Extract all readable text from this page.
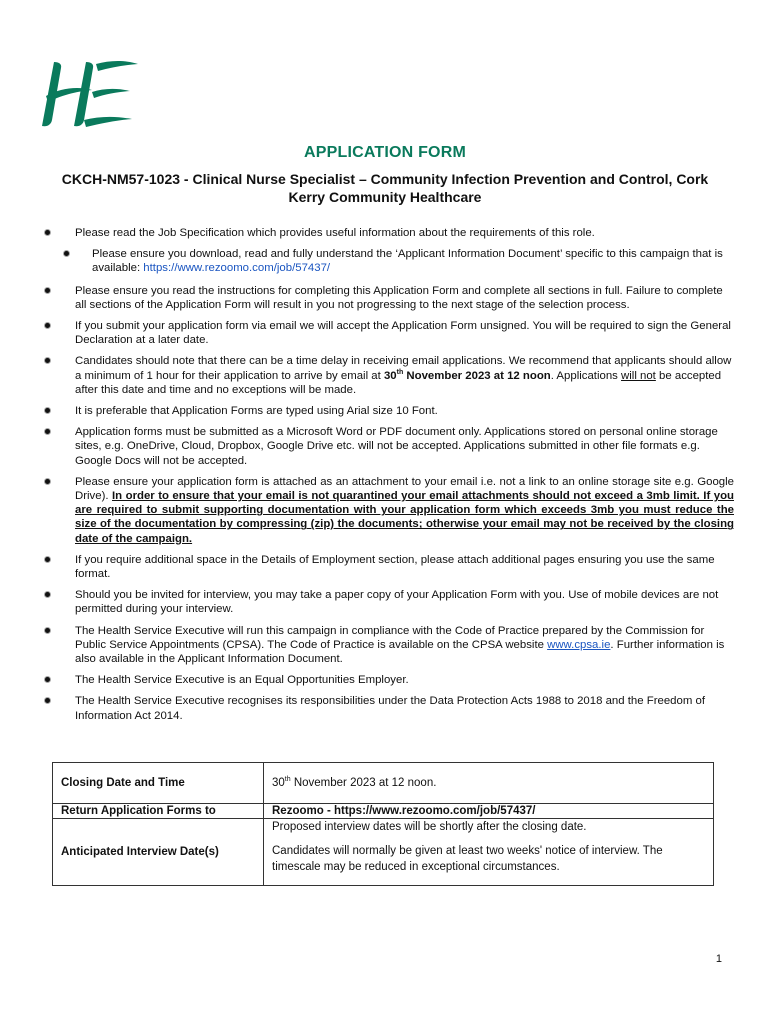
APPLICATION FORM
CKCH-NM57-1023 - Clinical Nurse Specialist – Community Infection Prevention and Control, Cork Kerry Community Healthcare
Please read the Job Specification which provides useful information about the requirements of this role.
Please ensure you download, read and fully understand the ‘Applicant Information Document’ specific to this campaign that is available: https://www.rezoomo.com/job/57437/
Please ensure you read the instructions for completing this Application Form and complete all sections in full. Failure to complete all sections of the Application Form will result in you not progressing to the next stage of the selection process.
If you submit your application form via email we will accept the Application Form unsigned. You will be required to sign the General Declaration at a later date.
Candidates should note that there can be a time delay in receiving email applications. We recommend that applicants should allow a minimum of 1 hour for their application to arrive by email at 30th November 2023 at 12 noon. Applications will not be accepted after this date and time and no exceptions will be made.
It is preferable that Application Forms are typed using Arial size 10 Font.
Application forms must be submitted as a Microsoft Word or PDF document only. Applications stored on personal online storage sites, e.g. OneDrive, Cloud, Dropbox, Google Drive etc. will not be accepted. Applications submitted in other file formats e.g. Google Docs will not be accepted.
Please ensure your application form is attached as an attachment to your email i.e. not a link to an online storage site e.g. Google Drive). In order to ensure that your email is not quarantined your email attachments should not exceed a 3mb limit. If you are required to submit supporting documentation with your application form which exceeds 3mb you must reduce the size of the documentation by compressing (zip) the documents; otherwise your email may not be received by the closing date of the campaign.
If you require additional space in the Details of Employment section, please attach additional pages ensuring you use the same format.
Should you be invited for interview, you may take a paper copy of your Application Form with you. Use of mobile devices are not permitted during your interview.
The Health Service Executive will run this campaign in compliance with the Code of Practice prepared by the Commission for Public Service Appointments (CPSA). The Code of Practice is available on the CPSA website www.cpsa.ie. Further information is also available in the Applicant Information Document.
The Health Service Executive is an Equal Opportunities Employer.
The Health Service Executive recognises its responsibilities under the Data Protection Acts 1988 to 2018 and the Freedom of Information Act 2014.
Closing Date and Time	30th November 2023 at 12 noon.
Return Application Forms to	Rezoomo - https://www.rezoomo.com/job/57437/
Anticipated Interview Date(s)	Proposed interview dates will be shortly after the closing date.
Candidates will normally be given at least two weeks' notice of interview. The timescale may be reduced in exceptional circumstances.
1
